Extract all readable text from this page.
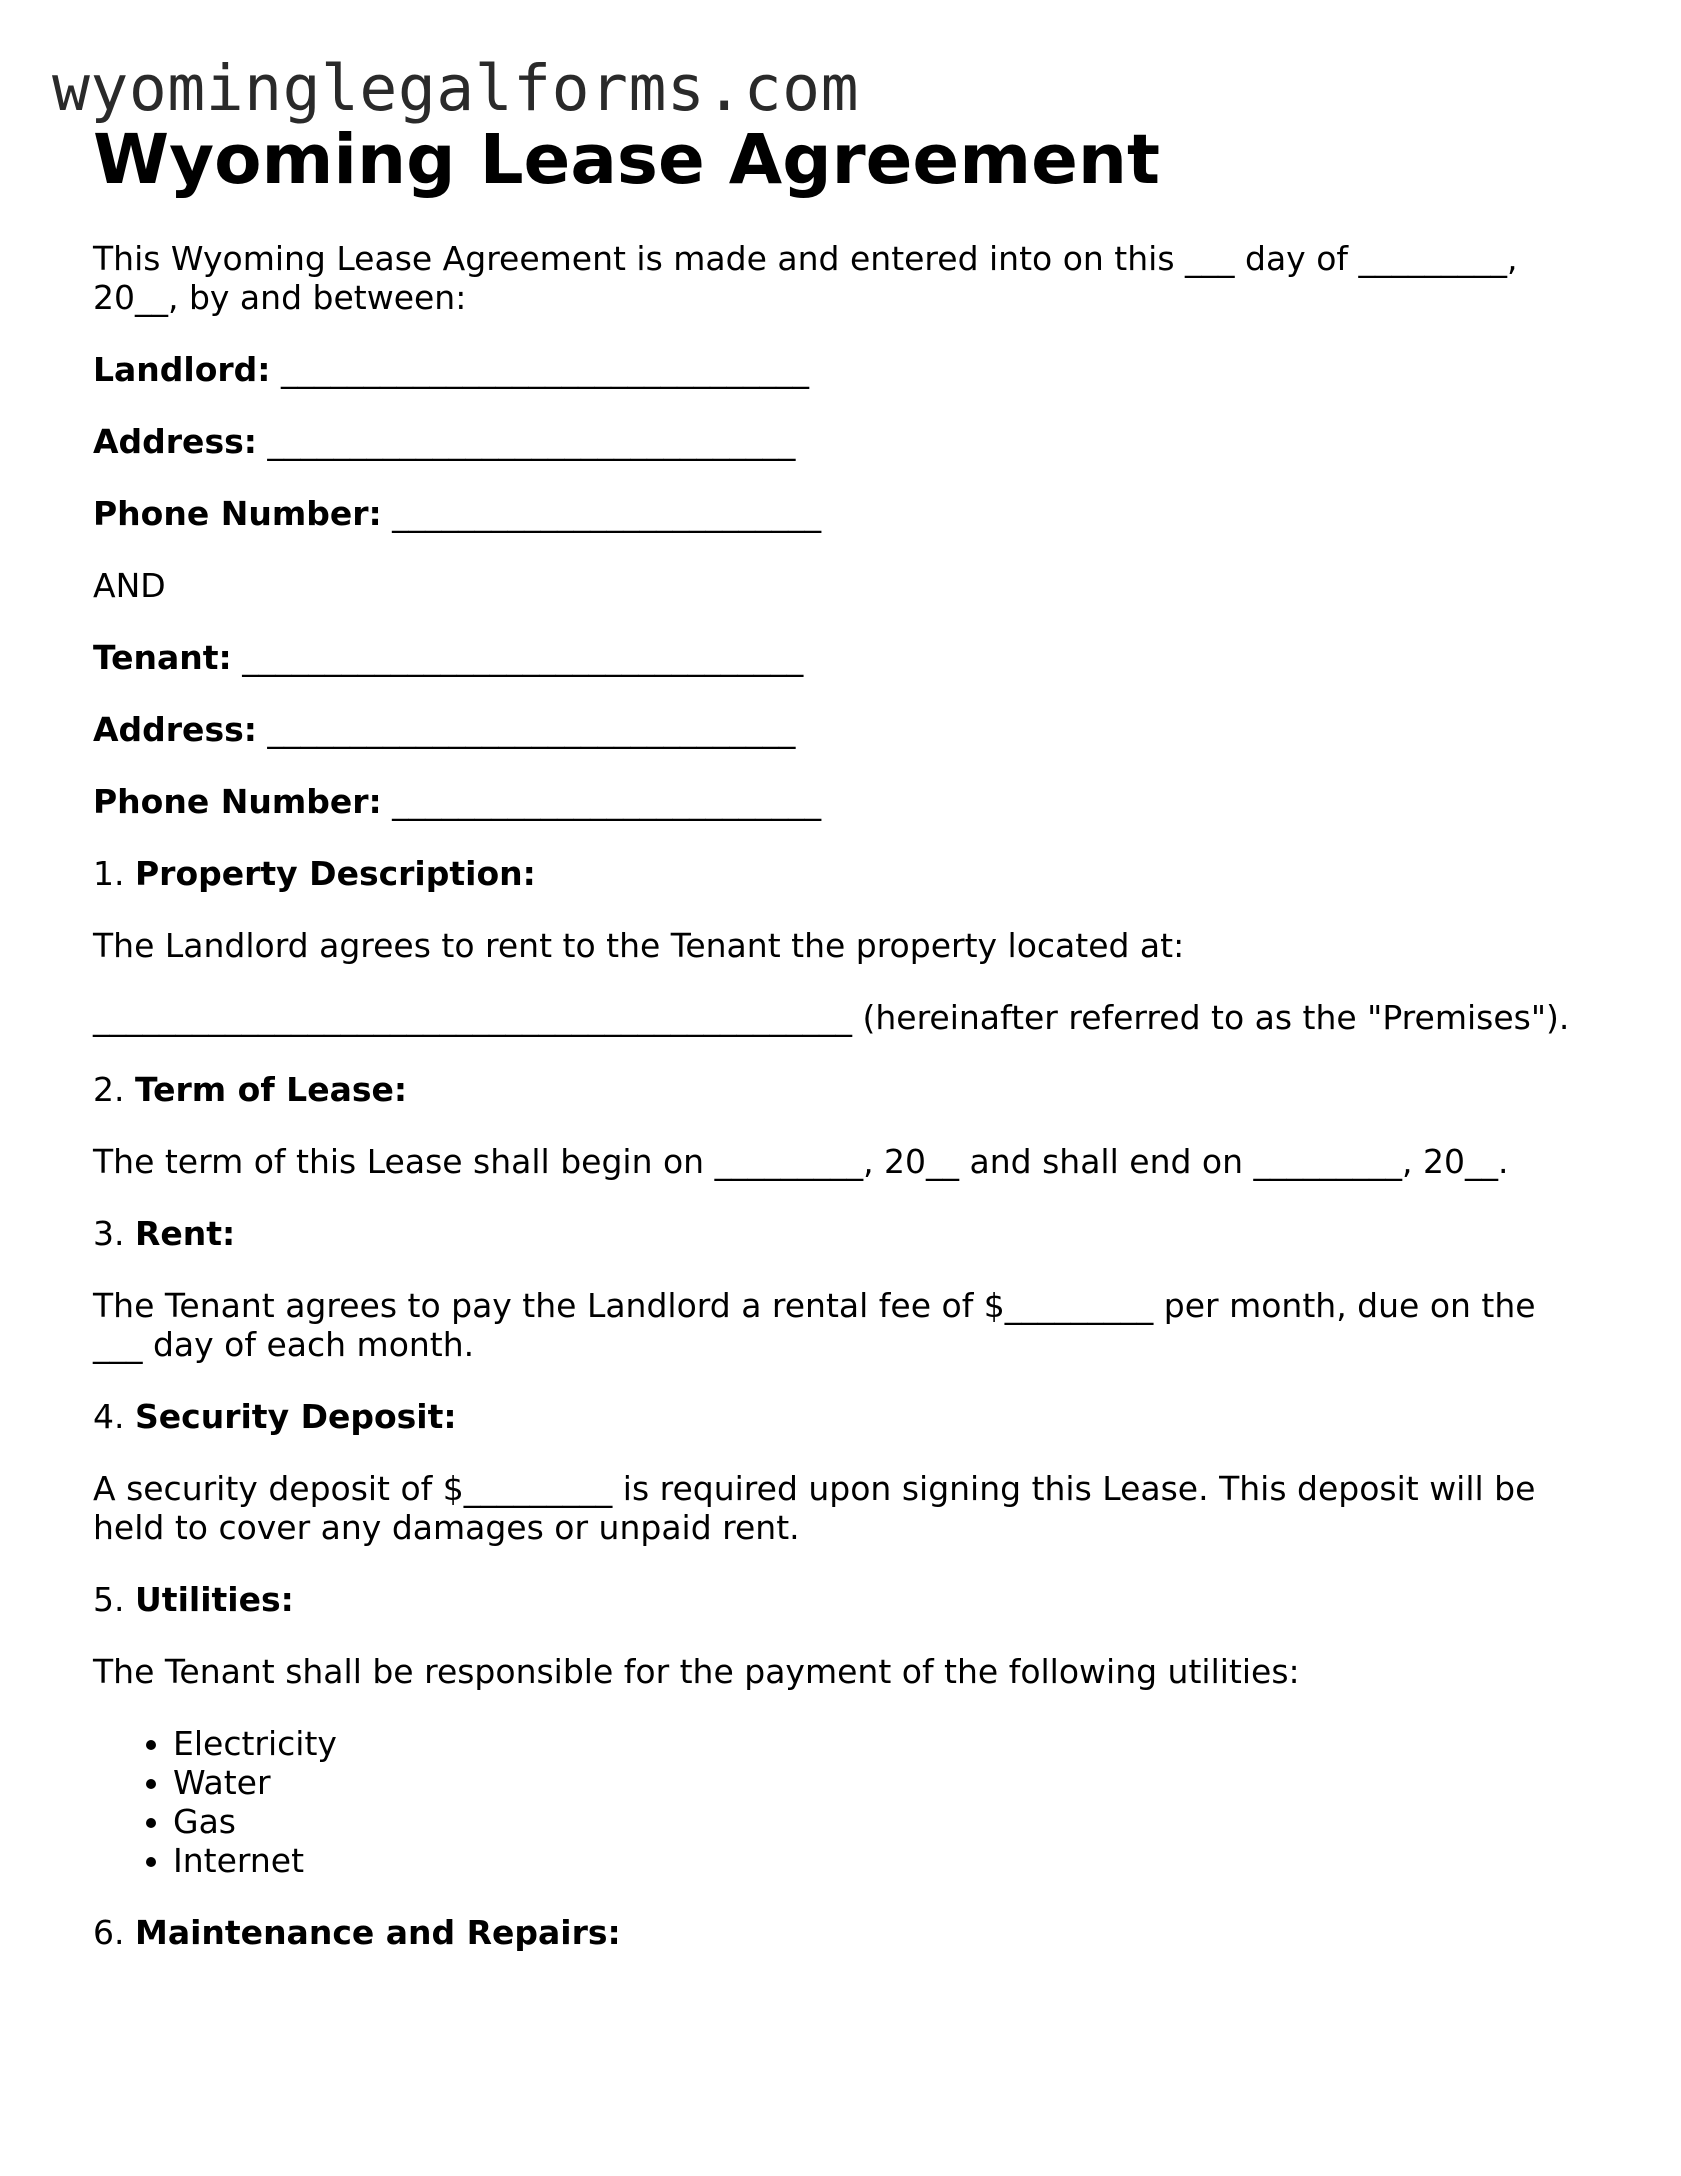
wyominglegalforms.com
Wyoming Lease Agreement

This Wyoming Lease Agreement is made and entered into on this ___ day of _________, 20__, by and between:

Landlord: ________________________________

Address: ________________________________

Phone Number: __________________________

AND

Tenant: __________________________________

Address: ________________________________

Phone Number: __________________________

1. Property Description:

The Landlord agrees to rent to the Tenant the property located at:

______________________________________________ (hereinafter referred to as the "Premises").

2. Term of Lease:

The term of this Lease shall begin on _________, 20__ and shall end on _________, 20__.

3. Rent:

The Tenant agrees to pay the Landlord a rental fee of $_________ per month, due on the ___ day of each month.

4. Security Deposit:

A security deposit of $_________ is required upon signing this Lease. This deposit will be held to cover any damages or unpaid rent.

5. Utilities:

The Tenant shall be responsible for the payment of the following utilities:

• Electricity
• Water
• Gas
• Internet

6. Maintenance and Repairs:
